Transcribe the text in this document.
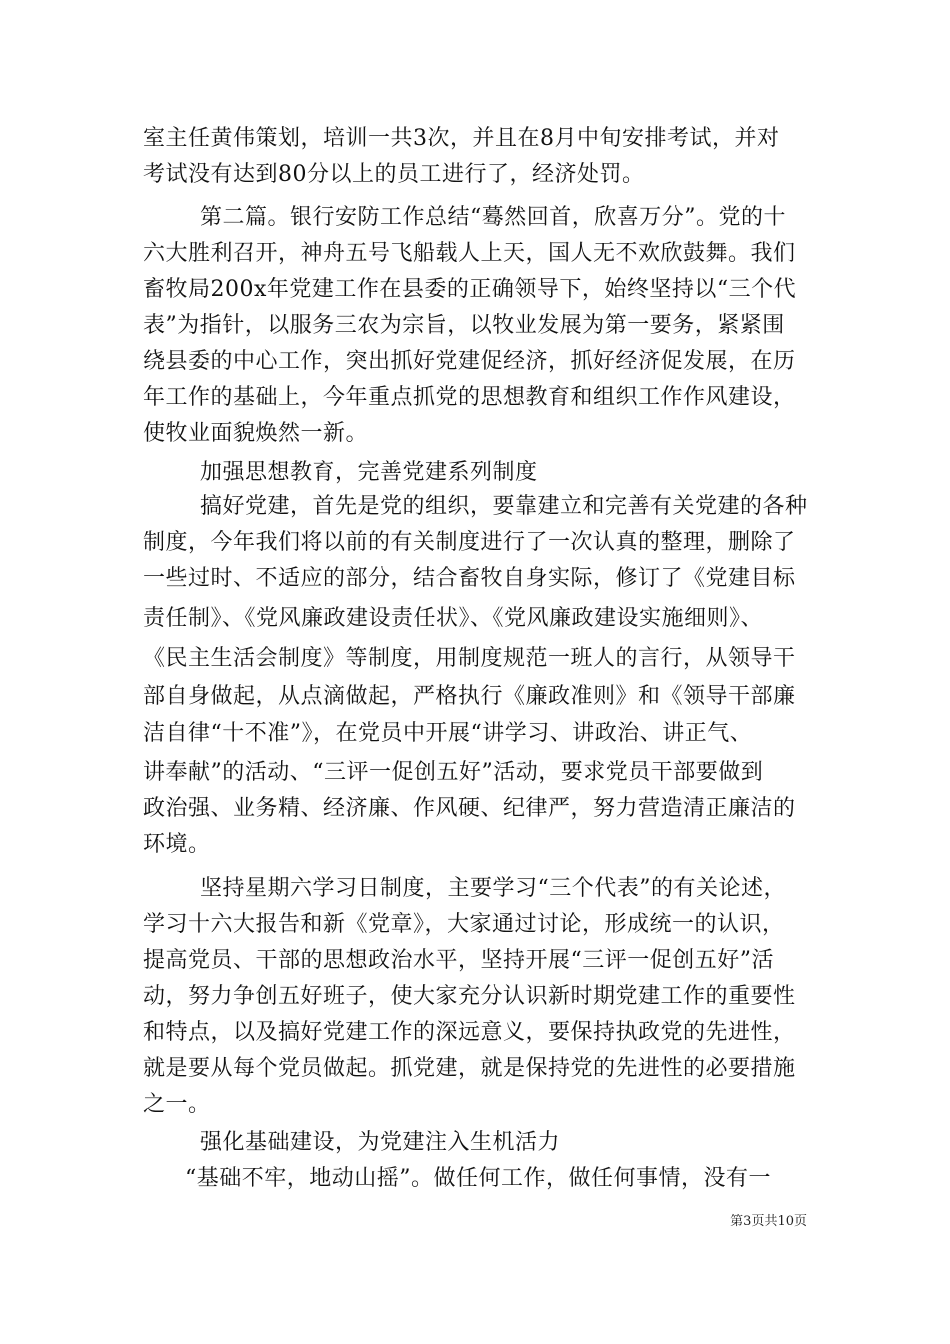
室主任黄伟策划，培训一共3次，并且在8月中旬安排考试，并对
考试没有达到80分以上的员工进行了，经济处罚。
第二篇。银行安防工作总结“蓦然回首，欣喜万分”。党的十
六大胜利召开，神舟五号飞船载人上天，国人无不欢欣鼓舞。我们
畜牧局200x年党建工作在县委的正确领导下，始终坚持以“三个代
表”为指针，以服务三农为宗旨，以牧业发展为第一要务，紧紧围
绕县委的中心工作，突出抓好党建促经济，抓好经济促发展，在历
年工作的基础上，今年重点抓党的思想教育和组织工作作风建设，
使牧业面貌焕然一新。
加强思想教育，完善党建系列制度
搞好党建，首先是党的组织，要靠建立和完善有关党建的各种
制度，今年我们将以前的有关制度进行了一次认真的整理，删除了
一些过时、不适应的部分，结合畜牧自身实际，修订了《党建目标
责任制》、《党风廉政建设责任状》、《党风廉政建设实施细则》、
《民主生活会制度》等制度，用制度规范一班人的言行，从领导干
部自身做起，从点滴做起，严格执行《廉政准则》和《领导干部廉
洁自律“十不准”》，在党员中开展“讲学习、讲政治、讲正气、
讲奉献”的活动、“三评一促创五好”活动，要求党员干部要做到
政治强、业务精、经济廉、作风硬、纪律严，努力营造清正廉洁的
环境。
坚持星期六学习日制度，主要学习“三个代表”的有关论述，
学习十六大报告和新《党章》，大家通过讨论，形成统一的认识，
提高党员、干部的思想政治水平，坚持开展“三评一促创五好”活
动，努力争创五好班子，使大家充分认识新时期党建工作的重要性
和特点，以及搞好党建工作的深远意义，要保持执政党的先进性，
就是要从每个党员做起。抓党建，就是保持党的先进性的必要措施
之一。
强化基础建设，为党建注入生机活力
“基础不牢，地动山摇”。做任何工作，做任何事情，没有一
第3页共10页
